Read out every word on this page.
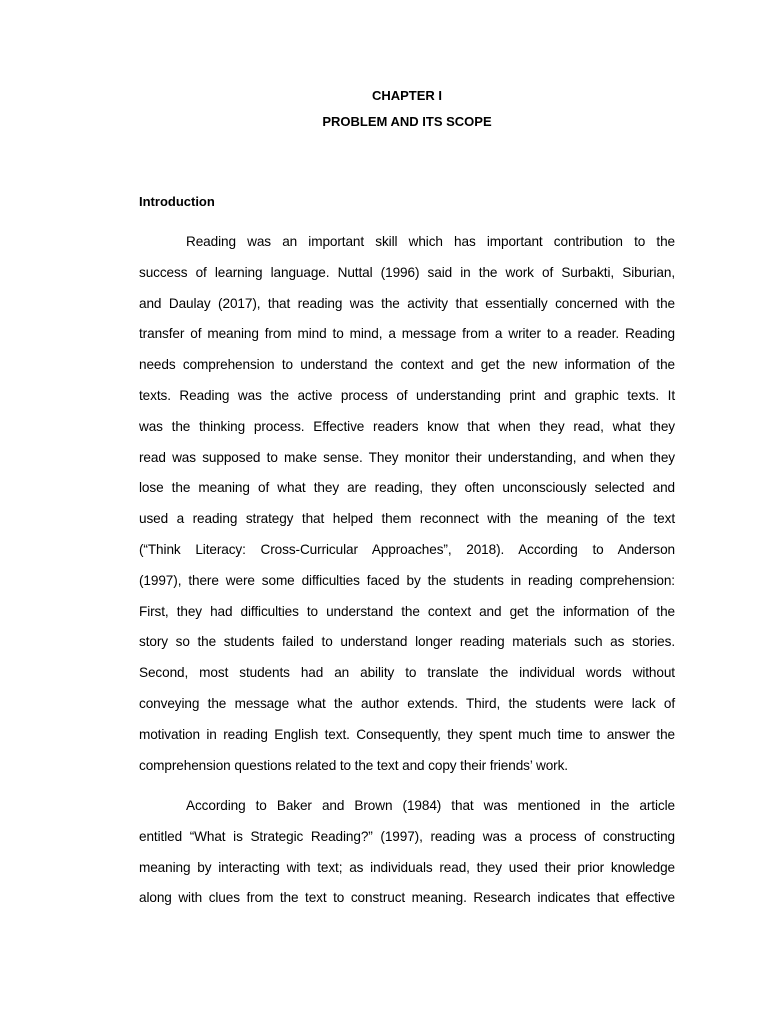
CHAPTER I
PROBLEM AND ITS SCOPE
Introduction
Reading was an important skill which has important contribution to the
success of learning language. Nuttal (1996) said in the work of Surbakti, Siburian,
and Daulay (2017), that reading was the activity that essentially concerned with the
transfer of meaning from mind to mind, a message from a writer to a reader. Reading
needs comprehension to understand the context and get the new information of the
texts. Reading was the active process of understanding print and graphic texts. It
was the thinking process. Effective readers know that when they read, what they
read was supposed to make sense. They monitor their understanding, and when they
lose the meaning of what they are reading, they often unconsciously selected and
used a reading strategy that helped them reconnect with the meaning of the text
(“Think Literacy: Cross-Curricular Approaches”, 2018). According to Anderson
(1997), there were some difficulties faced by the students in reading comprehension:
First, they had difficulties to understand the context and get the information of the
story so the students failed to understand longer reading materials such as stories.
Second, most students had an ability to translate the individual words without
conveying the message what the author extends. Third, the students were lack of
motivation in reading English text. Consequently, they spent much time to answer the
comprehension questions related to the text and copy their friends’ work.
According to Baker and Brown (1984) that was mentioned in the article
entitled “What is Strategic Reading?” (1997), reading was a process of constructing
meaning by interacting with text; as individuals read, they used their prior knowledge
along with clues from the text to construct meaning. Research indicates that effective
